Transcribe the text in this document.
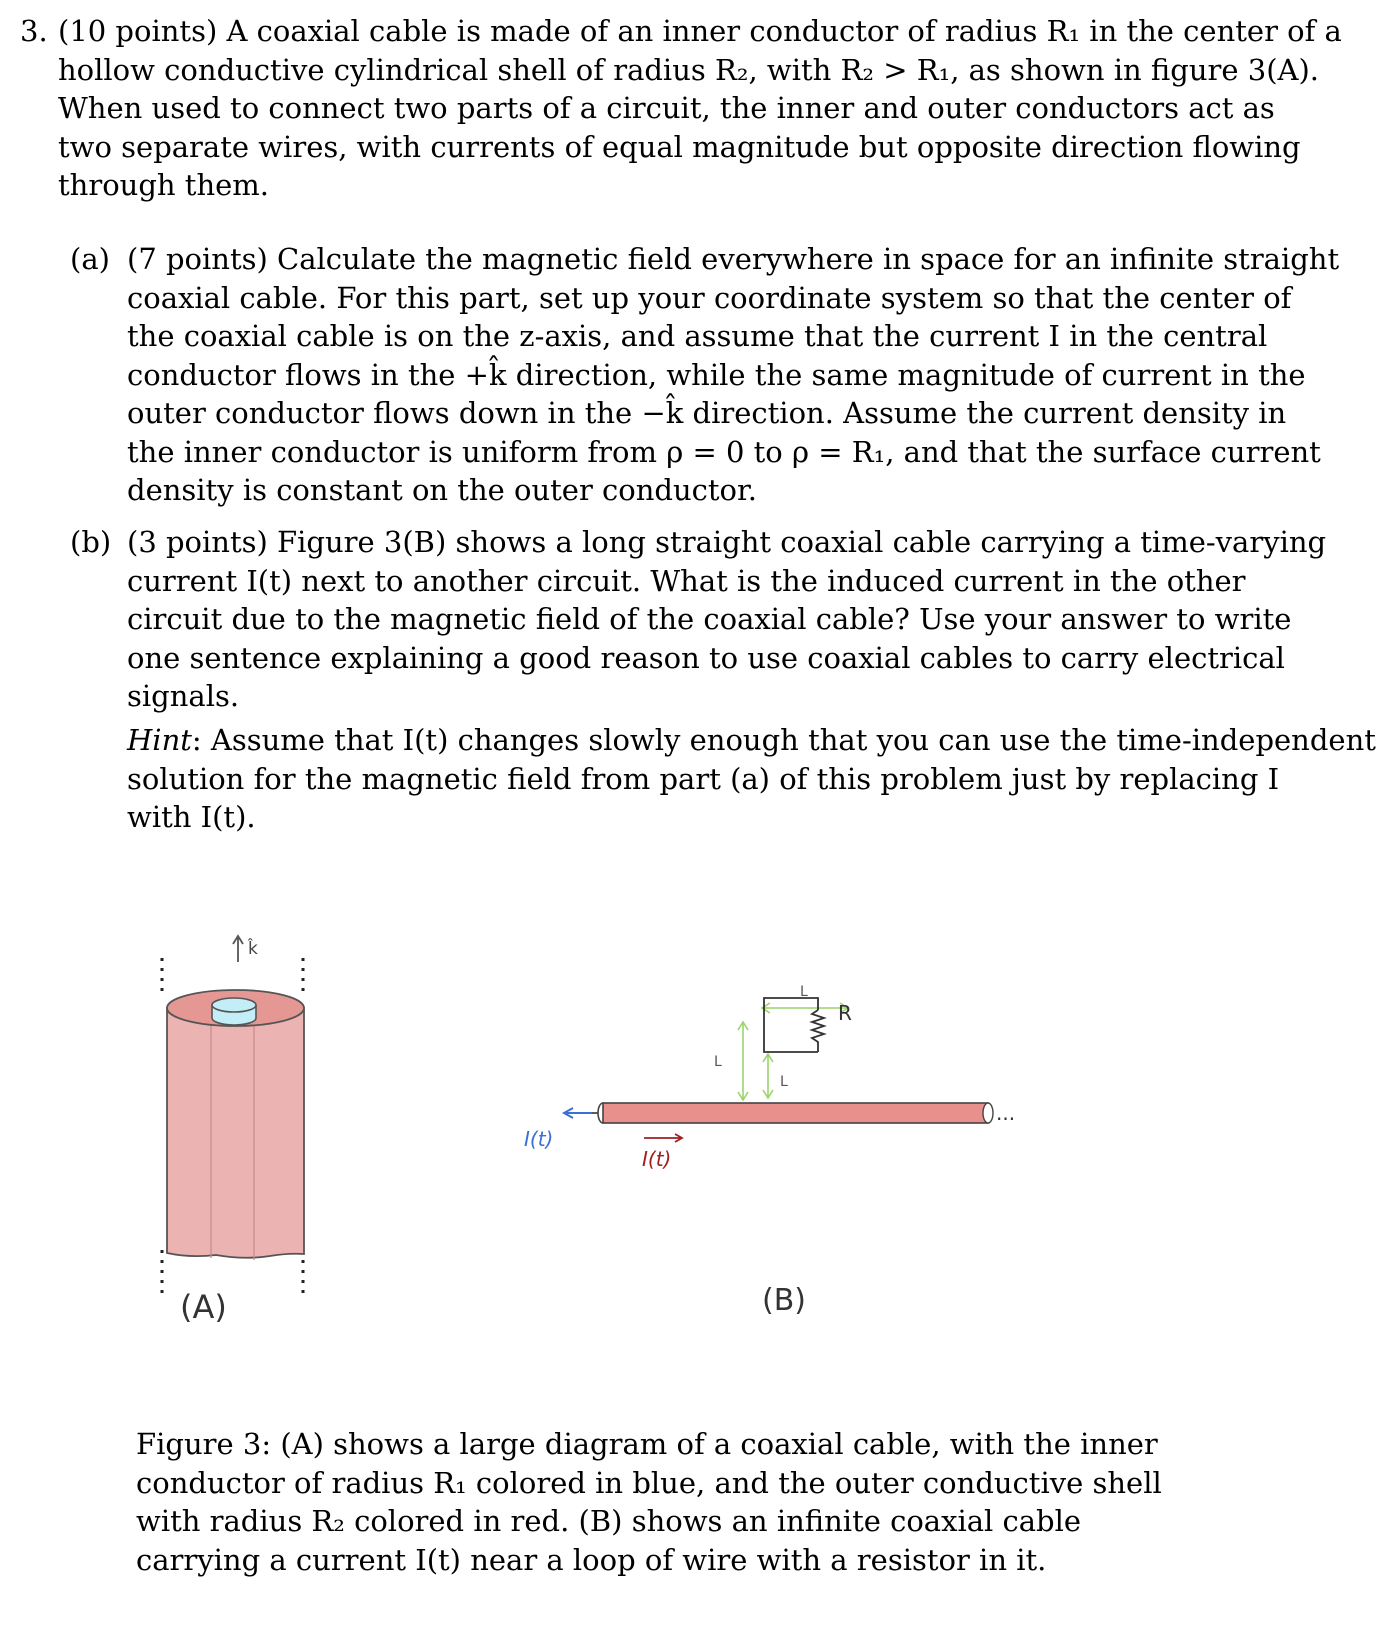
3. (10 points) A coaxial cable is made of an inner conductor of radius R₁ in the center of a
hollow conductive cylindrical shell of radius R₂, with R₂ > R₁, as shown in figure 3(A).
When used to connect two parts of a circuit, the inner and outer conductors act as
two separate wires, with currents of equal magnitude but opposite direction flowing
through them.
(a) (7 points) Calculate the magnetic field everywhere in space for an infinite straight
coaxial cable. For this part, set up your coordinate system so that the center of
the coaxial cable is on the z-axis, and assume that the current I in the central
conductor flows in the +k̂ direction, while the same magnitude of current in the
outer conductor flows down in the −k̂ direction. Assume the current density in
the inner conductor is uniform from ρ = 0 to ρ = R₁, and that the surface current
density is constant on the outer conductor.
(b) (3 points) Figure 3(B) shows a long straight coaxial cable carrying a time-varying
current I(t) next to another circuit. What is the induced current in the other
circuit due to the magnetic field of the coaxial cable? Use your answer to write
one sentence explaining a good reason to use coaxial cables to carry electrical
signals.
Hint: Assume that I(t) changes slowly enough that you can use the time-independent
solution for the magnetic field from part (a) of this problem just by replacing I
with I(t).
k̂
(A)
L
L
L
R
...
I(t)
I(t)
(B)
Figure 3: (A) shows a large diagram of a coaxial cable, with the inner
conductor of radius R₁ colored in blue, and the outer conductive shell
with radius R₂ colored in red. (B) shows an infinite coaxial cable
carrying a current I(t) near a loop of wire with a resistor in it.
